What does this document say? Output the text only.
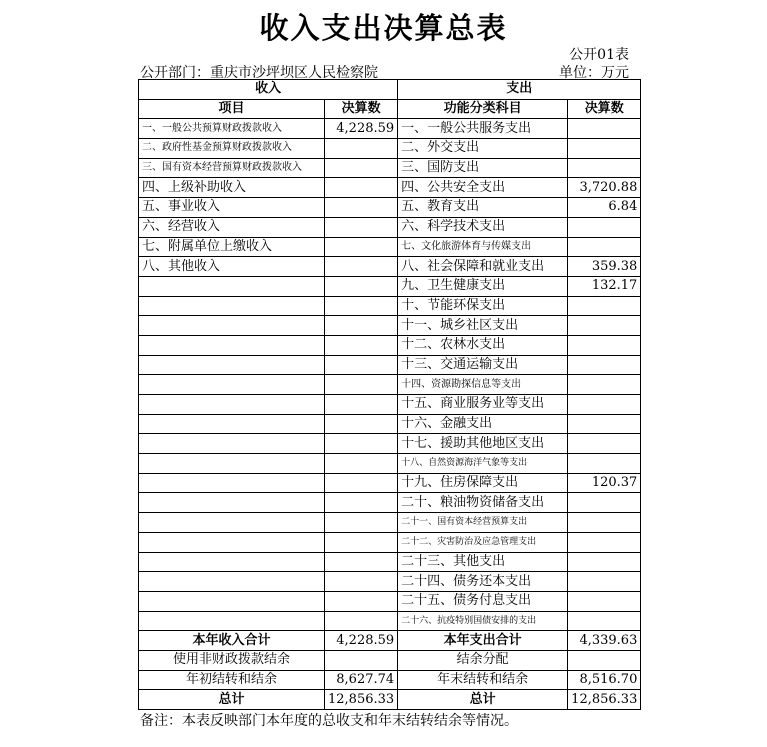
收入支出决算总表
公开01表
公开部门：重庆市沙坪坝区人民检察院	单位：万元
收入		支出	
项目	决算数	功能分类科目	决算数
一、一般公共预算财政拨款收入	4,228.59	一、一般公共服务支出	
二、政府性基金预算财政拨款收入		二、外交支出	
三、国有资本经营预算财政拨款收入		三、国防支出	
四、上级补助收入		四、公共安全支出	3,720.88
五、事业收入		五、教育支出	6.84
六、经营收入		六、科学技术支出	
七、附属单位上缴收入		七、文化旅游体育与传媒支出	
八、其他收入		八、社会保障和就业支出	359.38
		九、卫生健康支出	132.17
		十、节能环保支出	
		十一、城乡社区支出	
		十二、农林水支出	
		十三、交通运输支出	
		十四、资源勘探信息等支出	
		十五、商业服务业等支出	
		十六、金融支出	
		十七、援助其他地区支出	
		十八、自然资源海洋气象等支出	
		十九、住房保障支出	120.37
		二十、粮油物资储备支出	
		二十一、国有资本经营预算支出	
		二十二、灾害防治及应急管理支出	
		二十三、其他支出	
		二十四、债务还本支出	
		二十五、债务付息支出	
		二十六、抗疫特别国债安排的支出	
本年收入合计	4,228.59	本年支出合计	4,339.63
使用非财政拨款结余		结余分配	
年初结转和结余	8,627.74	年末结转和结余	8,516.70
总计	12,856.33	总计	12,856.33
备注：本表反映部门本年度的总收支和年末结转结余等情况。
